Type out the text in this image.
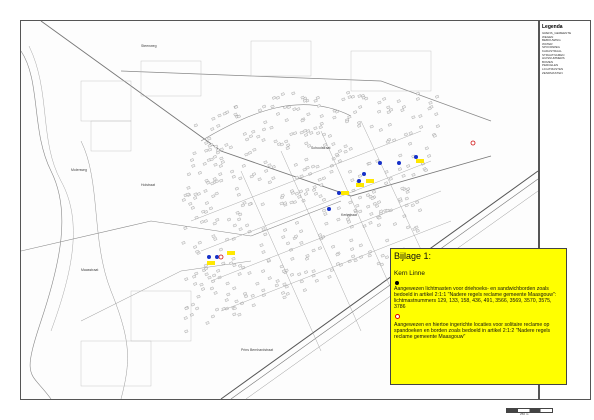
Steenweg
Molenweg
Holstraat
Schoolstraat
Maasstraat
Kerkstraat
Prins Bernhardstraat
250 m
Legenda
GRENS_GEMEENTE
WEGEN
BEBOUWING
WATER
SPOORWEG
KADASTRAAL
STRAATNAMEN
HUISNUMMERS
BOMEN
PERCELEN
LICHTMASTEN
ZENDMASTEN
Bijlage 1:
Kern Linne
Aangewezen lichtmasten voor driehoeks- en sandwichborden zoals bedoeld in artikel 2:1:1 "Nadere regels reclame gemeente Maasgouw": lichtmastnummers 129, 133, 158, 436, 491, 3566, 3569, 3570, 3575, 3786
Aangewezen en hiertoe ingerichte locaties voor solitaire reclame op spandoeken en borden zoals bedoeld in artikel 2:1:2 "Nadere regels reclame gemeente Maasgouw"
